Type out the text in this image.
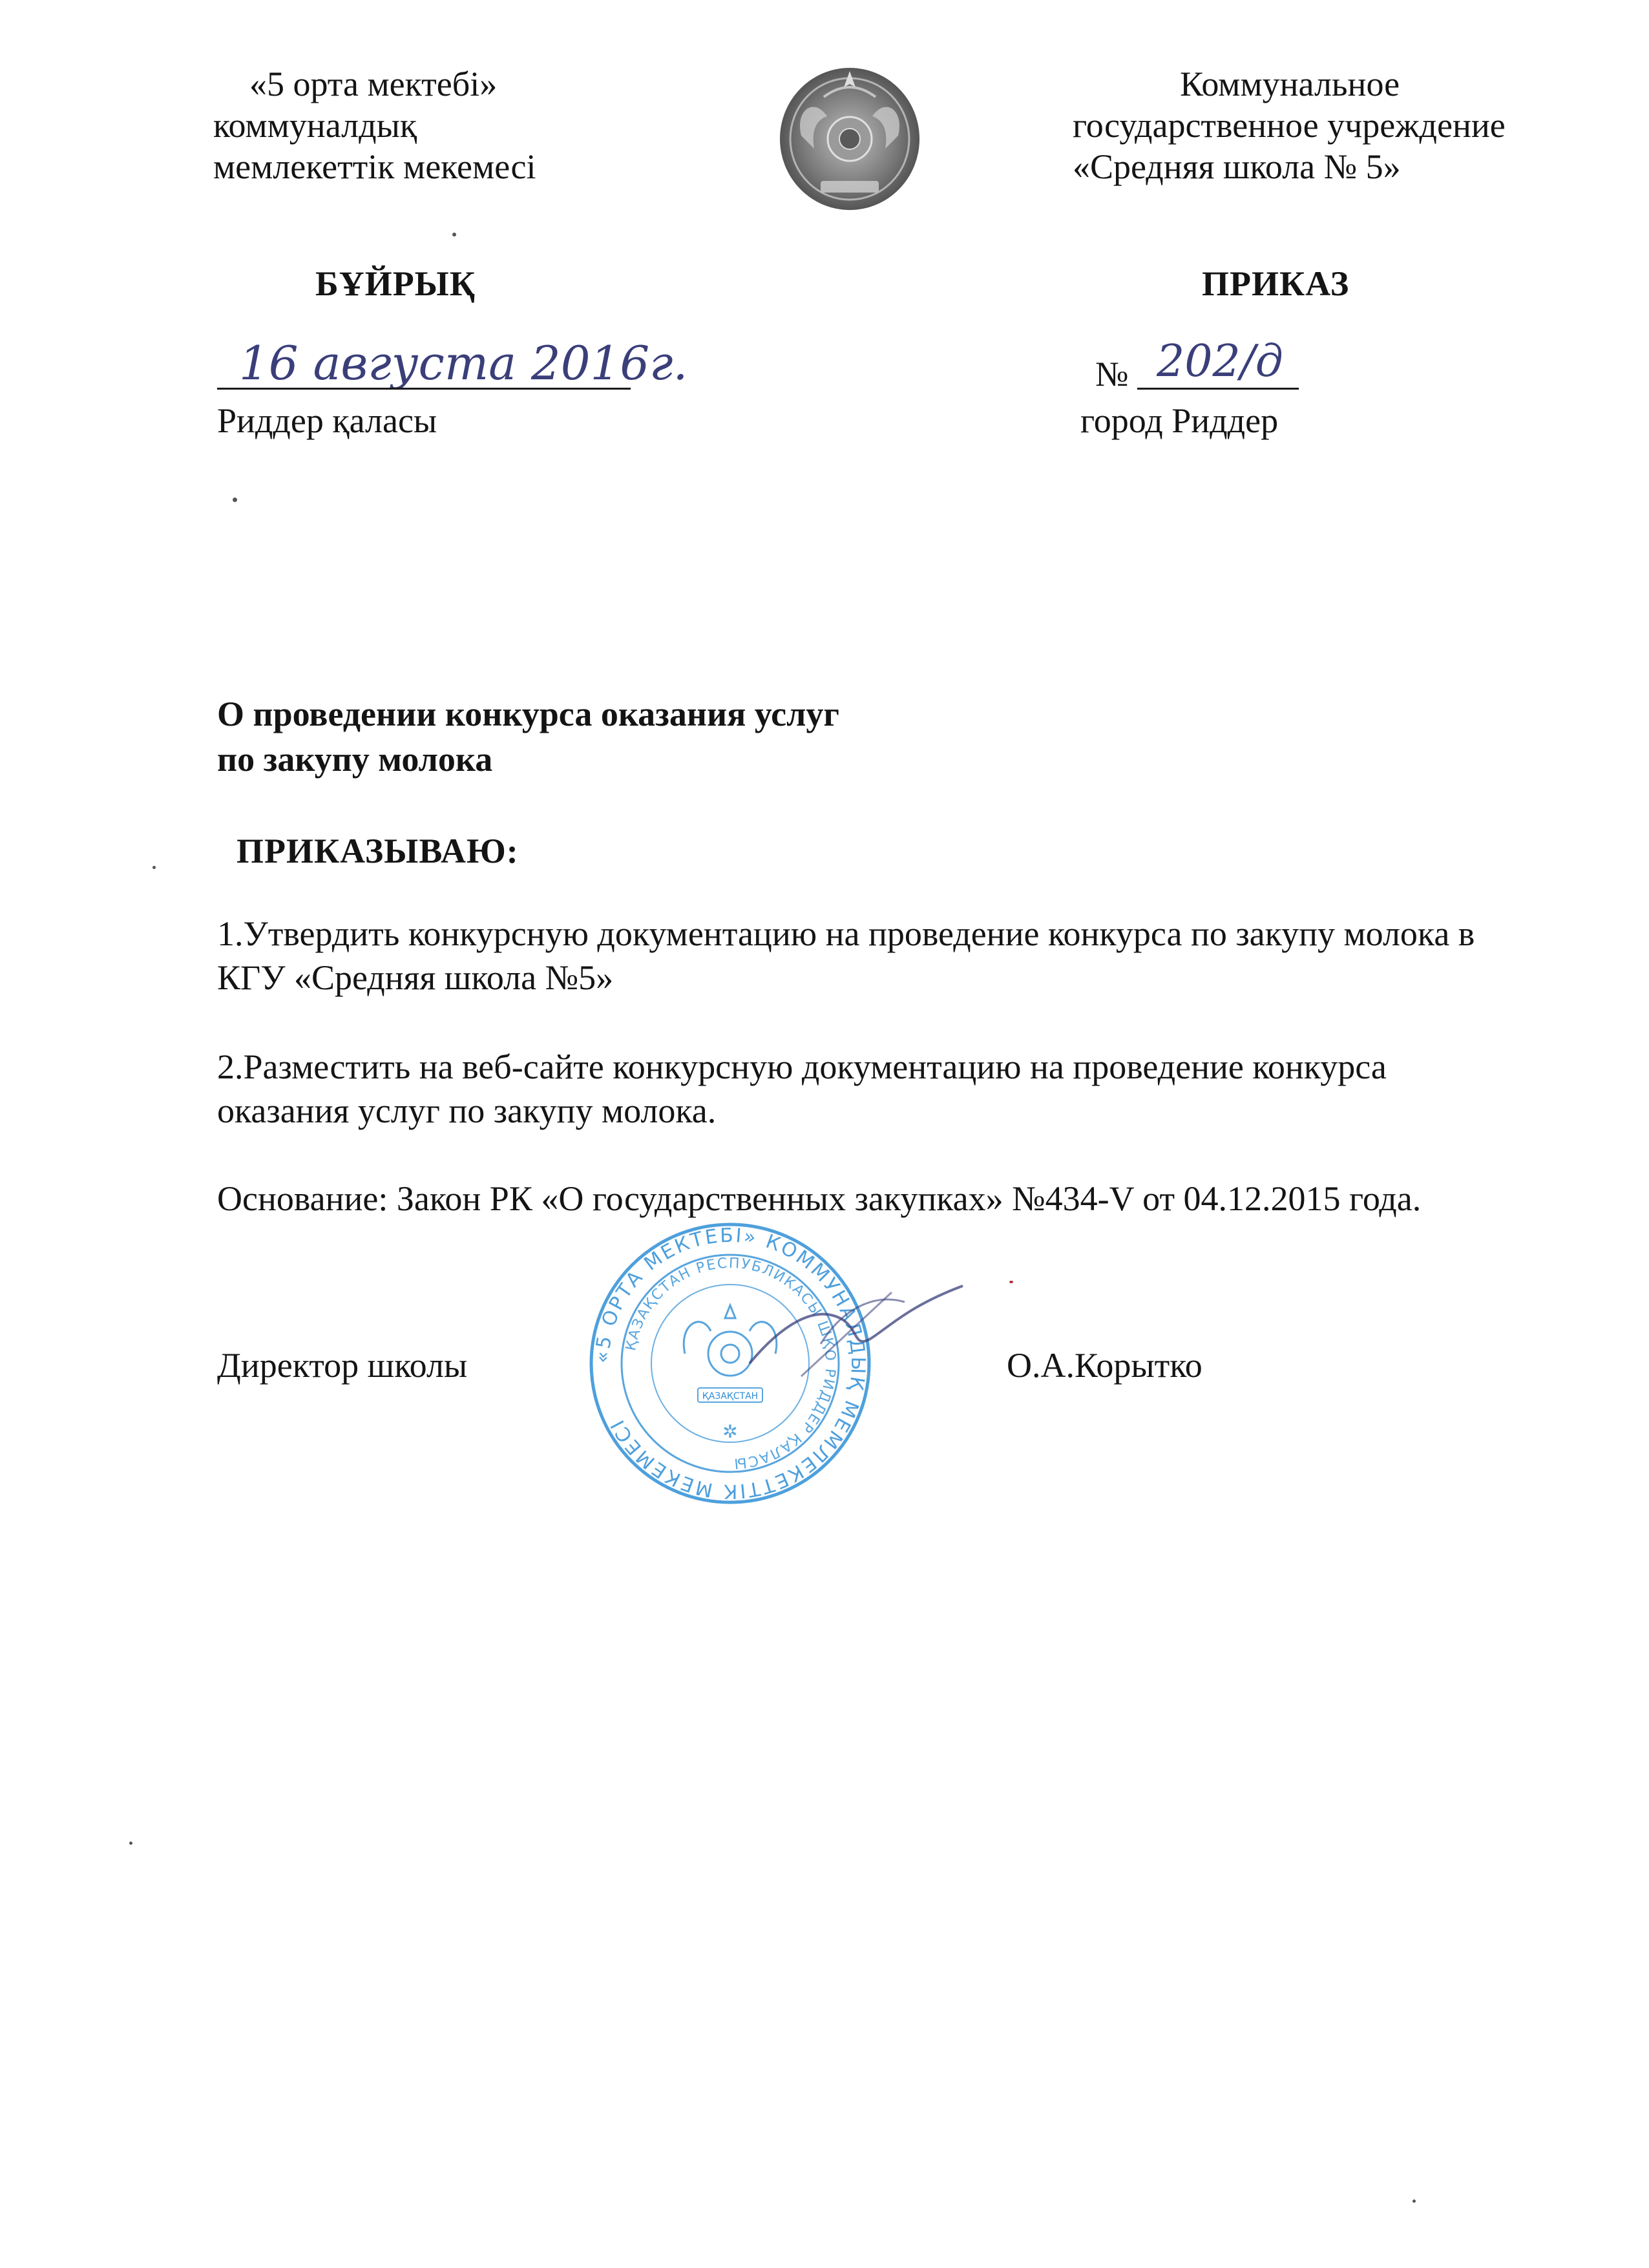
«5 орта мектебі»
коммуналдық
мемлекеттік мекемесі
Коммунальное
государственное учреждение
«Средняя школа № 5»
БҰЙРЫҚ	ПРИКАЗ
16 августа 2016г.	№ 202/д
Риддер қаласы	город Риддер
О проведении конкурса оказания услуг
по закупу молока
ПРИКАЗЫВАЮ:
1.Утвердить конкурсную документацию на проведение конкурса по закупу молока в
КГУ «Средняя школа №5»
2.Разместить на веб-сайте конкурсную документацию на проведение конкурса
оказания услуг по закупу молока.
Основание: Закон РК «О государственных закупках» №434-V от 04.12.2015 года.
Директор школы	О.А.Корытко
«5 ОРТА МЕКТЕБІ» КОММУНАЛДЫҚ МЕМЛЕКЕТТІК МЕКЕМЕСІ
ҚАЗАҚСТАН РЕСПУБЛИКАСЫ ШҚО РИДДЕР ҚАЛАСЫ
ҚАЗАҚСТАН
✲
